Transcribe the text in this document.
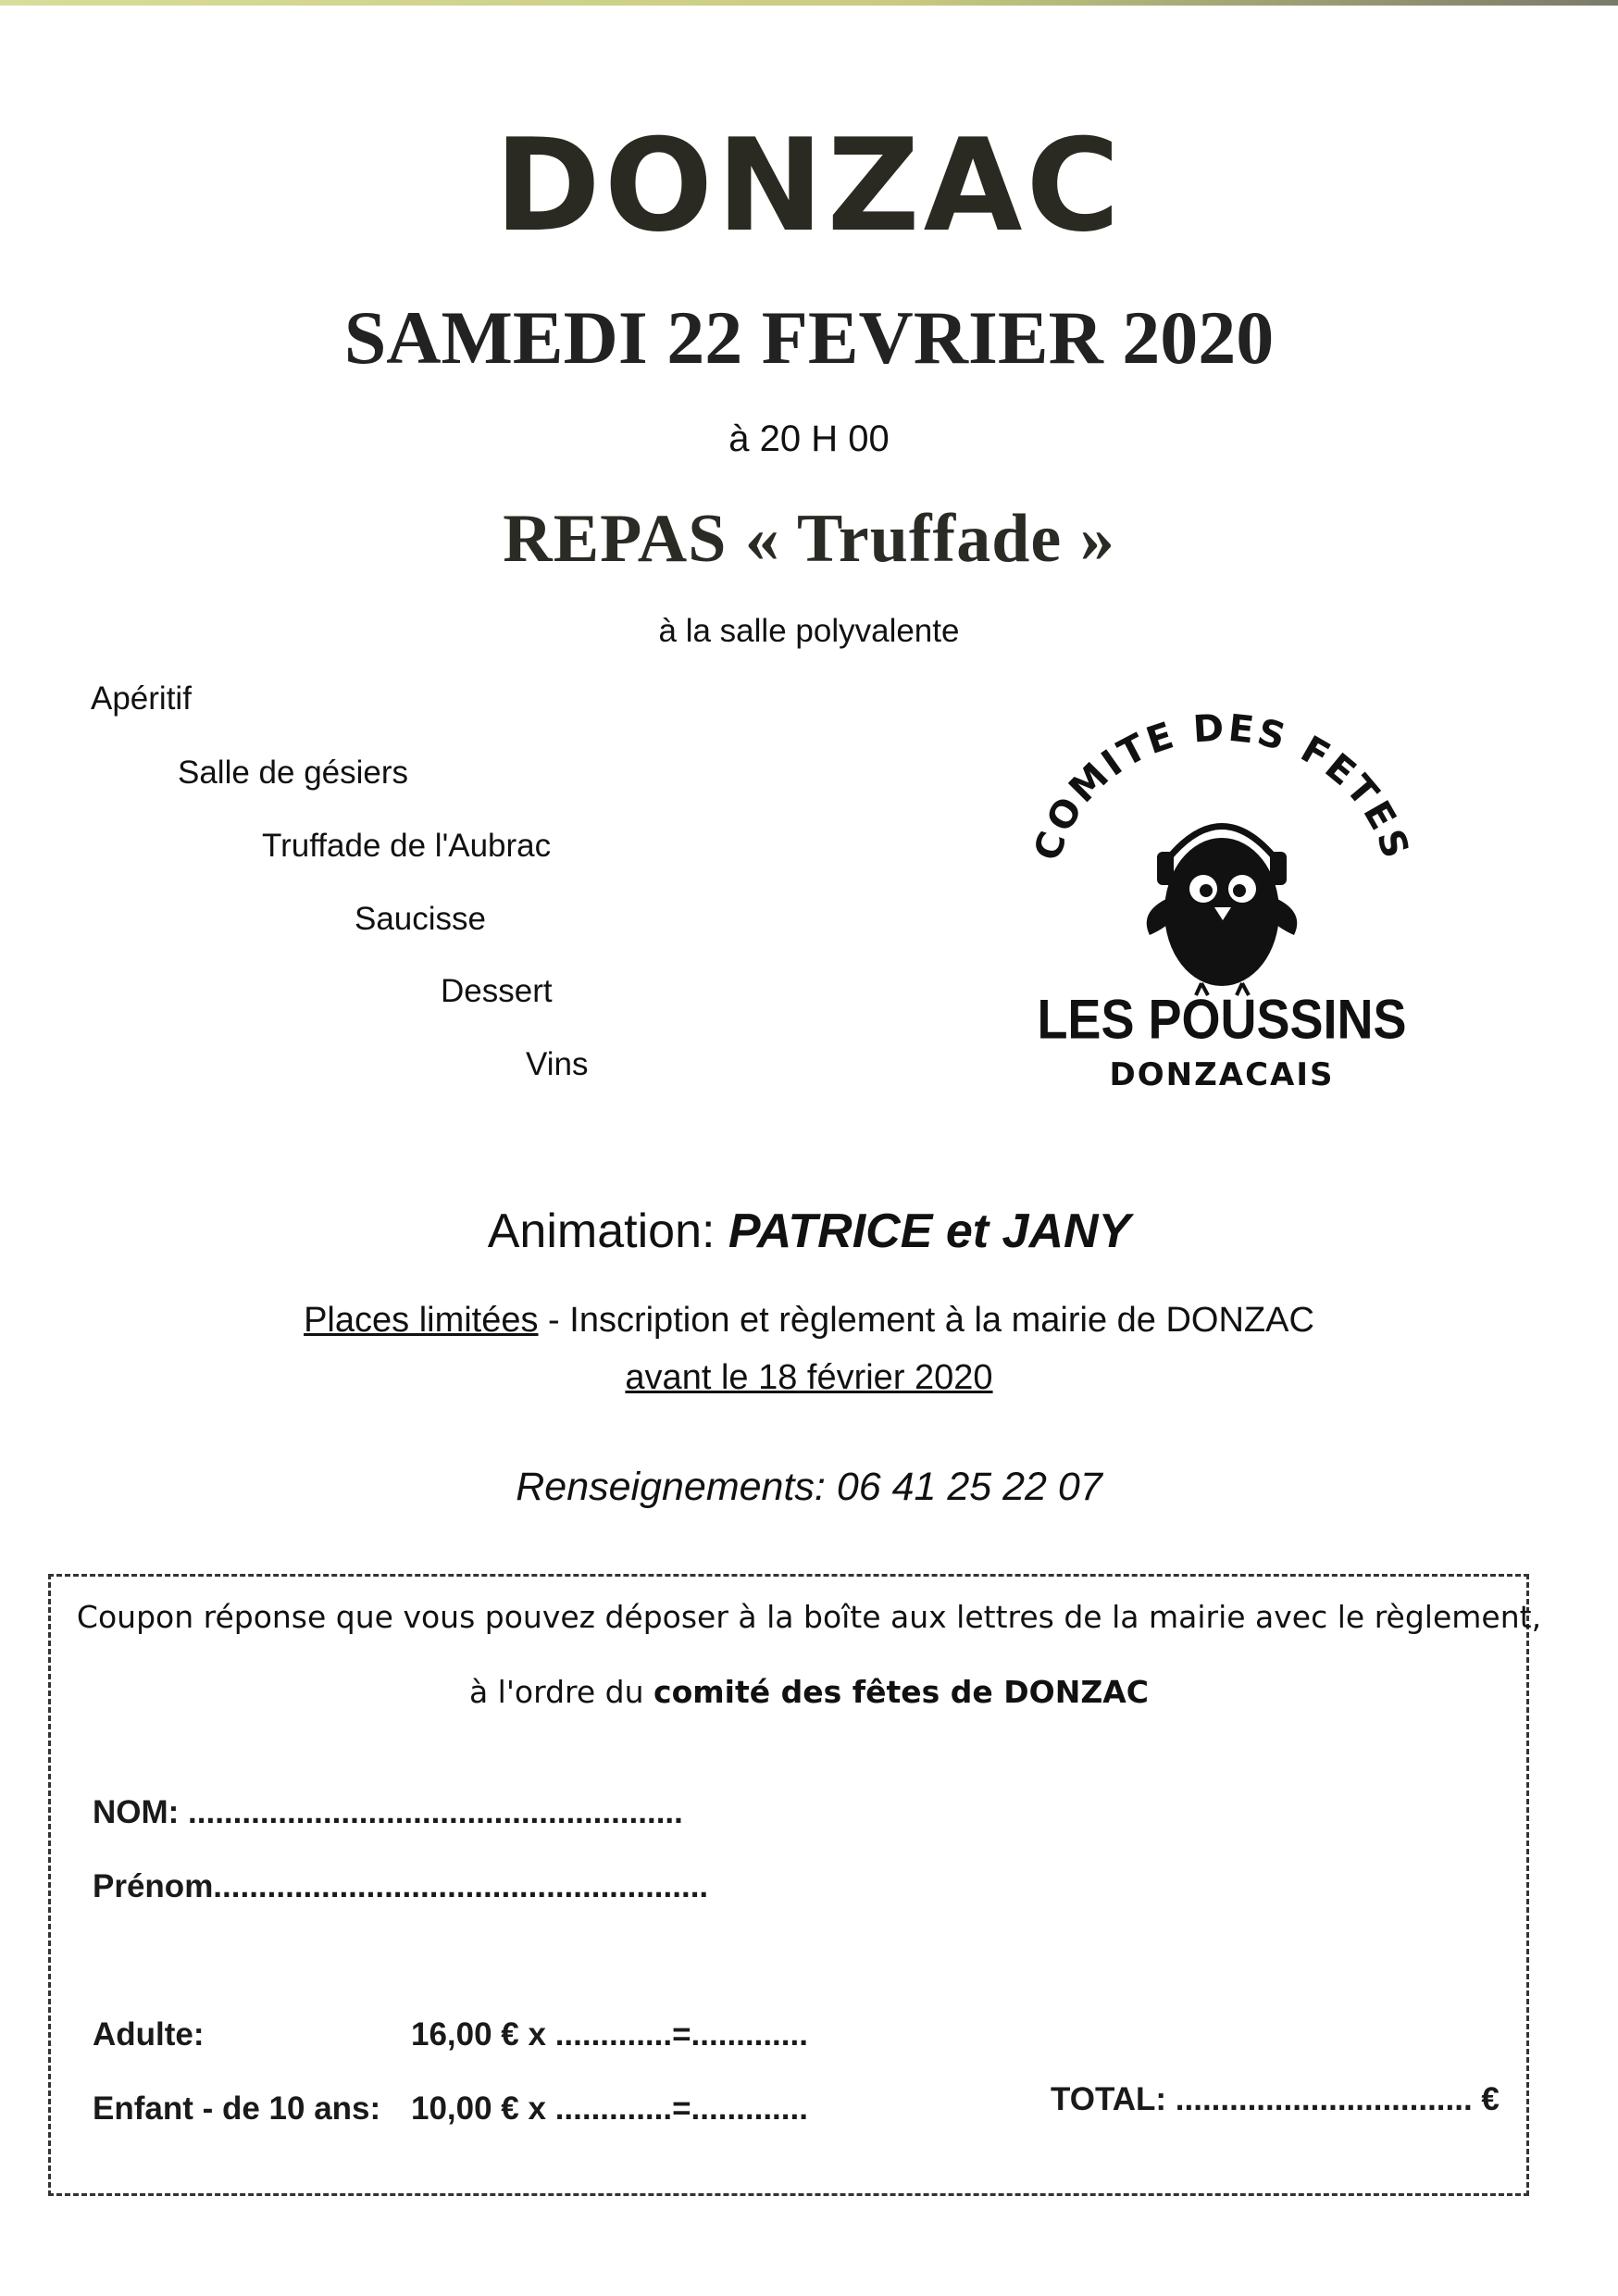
DONZAC
SAMEDI 22 FEVRIER 2020
à 20 H 00
REPAS « Truffade »
à la salle polyvalente
Apéritif
Salle de gésiers
Truffade de l'Aubrac
Saucisse
Dessert
Vins
COMITE DES FETES
LES POUSSINS
DONZACAIS
Animation: PATRICE et JANY
Places limitées - Inscription et règlement à la mairie de DONZAC
avant le 18 février 2020
Renseignements: 06 41 25 22 07
Coupon réponse que vous pouvez déposer à la boîte aux lettres de la mairie avec le règlement,
à l'ordre du comité des fêtes de DONZAC
NOM: .......................................................
Prénom.......................................................
Adulte:	16,00 € x .............=.............
Enfant - de 10 ans: 10,00 € x .............=.............	TOTAL: ................................. €
